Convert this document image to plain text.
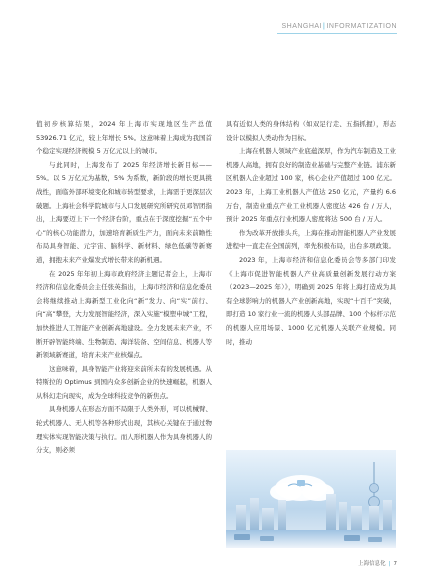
SHANGHAI|INFORMATIZATION

值初步核算结果，2024 年上海市实现地区生产总值 53926.71 亿元，较上年增长 5%。这意味着上海成为我国首个稳定实现经济规模 5 万亿元以上的城市。

与此同时，上海发布了 2025 年经济增长新目标——5%。以 5 万亿元为基数，5% 为系数，新阶段的增长更具挑战性，面临外部环境变化和城市转型要求，上海需于更深层次破题。上海社会科学院城市与人口发展研究所研究员邓智团指出，上海要迈上下一个经济台阶，重点在于深度挖掘“五个中心”的核心功能潜力，加速培育新质生产力，面向未来前瞻性布局具身智能、元宇宙、脑科学、新材料、绿色低碳等新赛道，拥抱未来产业爆发式增长带来的新机遇。

在 2025 年年初上海市政府经济主题记者会上，上海市经济和信息化委员会主任张英指出，上海市经济和信息化委员会将继续推动上海新型工业化向“新”发力、向“实”前行、向“高”攀登，大力发展智能经济，深入实施“模塑申城”工程，加快推进人工智能产业创新高地建设。全力发展未来产业，不断开辟智能终端、生物制造、海洋装备、空间信息、机器人等新领域新赛道，培育未来产业核爆点。

这意味着，具身智能产业将迎来前所未有的发展机遇。从特斯拉的 Optimus 到国内众多创新企业的快速崛起，机器人从科幻走向现实，成为全球科技竞争的新焦点。

具身机器人在形态方面不局限于人类外形，可以机械臂、轮式机器人、无人机等各种形式出现，其核心关键在于通过物理实体实现智能决策与执行。而人形机器人作为具身机器人的分支，则必须

具有近似人类的身体结构（如双足行走、五指抓握），形态设计以模拟人类动作为目标。

上海在机器人领域产业底蕴深厚，作为汽车制造及工业机器人高地，拥有良好的制造业基础与完整产业链。浦东新区机器人企业超过 100 家，核心企业产值超过 100 亿元。2023 年，上海工业机器人产值达 250 亿元，产量约 6.6 万台，制造业重点产业工业机器人密度达 426 台 / 万人，预计 2025 年重点行业机器人密度将达 500 台 / 万人。

作为改革开放排头兵，上海在推动智能机器人产业发展进程中一直走在全国前列，率先积极布局，出台多项政策。

2023 年，上海市经济和信息化委员会等多部门印发《上海市促进智能机器人产业高质量创新发展行动方案（2023—2025 年）》，明确到 2025 年将上海打造成为具有全球影响力的机器人产业创新高地，实现“十百千”突破，即打造 10 家行业一流的机器人头部品牌、100 个标杆示范的机器人应用场景、1000 亿元机器人关联产业规模。同时，推动

上海信息化 | 7
